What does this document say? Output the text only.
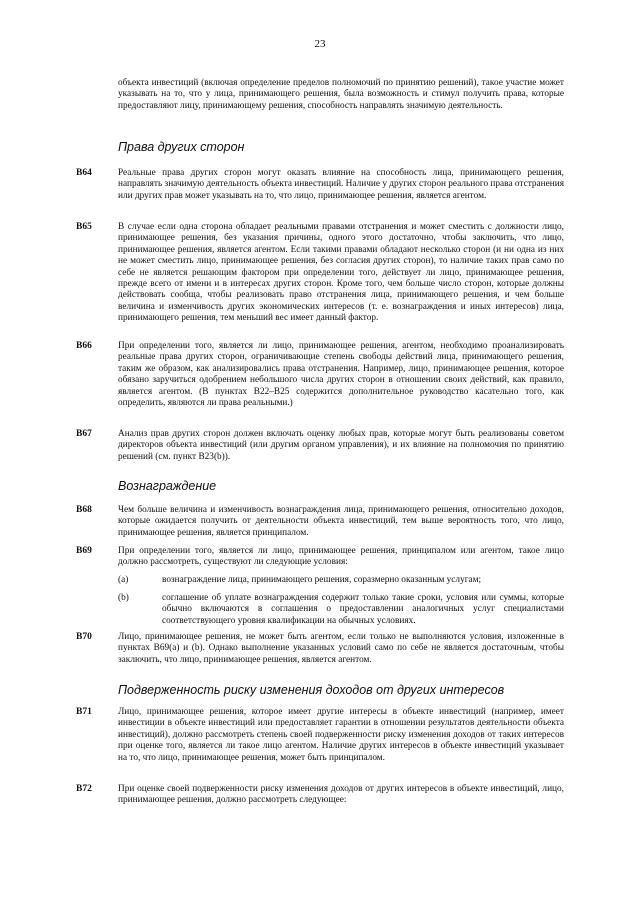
23
объекта инвестиций (включая определение пределов полномочий по принятию решений), такое участие может указывать на то, что у лица, принимающего решения, была возможность и стимул получить права, которые предоставляют лицу, принимающему решения, способность направлять значимую деятельность.
Права других сторон
B64	Реальные права других сторон могут оказать влияние на способность лица, принимающего решения, направлять значимую деятельность объекта инвестиций. Наличие у других сторон реального права отстранения или других прав может указывать на то, что лицо, принимающее решения, является агентом.
B65	В случае если одна сторона обладает реальными правами отстранения и может сместить с должности лицо, принимающее решения, без указания причины, одного этого достаточно, чтобы заключить, что лицо, принимающее решения, является агентом. Если такими правами обладают несколько сторон (и ни одна из них не может сместить лицо, принимающее решения, без согласия других сторон), то наличие таких прав само по себе не является решающим фактором при определении того, действует ли лицо, принимающее решения, прежде всего от имени и в интересах других сторон. Кроме того, чем больше число сторон, которые должны действовать сообща, чтобы реализовать право отстранения лица, принимающего решения, и чем больше величина и изменчивость других экономических интересов (т. е. вознаграждения и иных интересов) лица, принимающего решения, тем меньший вес имеет данный фактор.
B66	При определении того, является ли лицо, принимающее решения, агентом, необходимо проанализировать реальные права других сторон, ограничивающие степень свободы действий лица, принимающего решения, таким же образом, как анализировались права отстранения. Например, лицо, принимающее решения, которое обязано заручиться одобрением небольшого числа других сторон в отношении своих действий, как правило, является агентом. (В пунктах B22–B25 содержится дополнительное руководство касательно того, как определить, являются ли права реальными.)
B67	Анализ прав других сторон должен включать оценку любых прав, которые могут быть реализованы советом директоров объекта инвестиций (или другим органом управления), и их влияние на полномочия по принятию решений (см. пункт B23(b)).
Вознаграждение
B68	Чем больше величина и изменчивость вознаграждения лица, принимающего решения, относительно доходов, которые ожидается получить от деятельности объекта инвестиций, тем выше вероятность того, что лицо, принимающее решения, является принципалом.
B69	При определении того, является ли лицо, принимающее решения, принципалом или агентом, такое лицо должно рассмотреть, существуют ли следующие условия:
(a)	вознаграждение лица, принимающего решения, соразмерно оказанным услугам;
(b)	соглашение об уплате вознаграждения содержит только такие сроки, условия или суммы, которые обычно включаются в соглашения о предоставлении аналогичных услуг специалистами соответствующего уровня квалификации на обычных условиях.
B70	Лицо, принимающее решения, не может быть агентом, если только не выполняются условия, изложенные в пунктах B69(a) и (b). Однако выполнение указанных условий само по себе не является достаточным, чтобы заключить, что лицо, принимающее решения, является агентом.
Подверженность риску изменения доходов от других интересов
B71	Лицо, принимающее решения, которое имеет другие интересы в объекте инвестиций (например, имеет инвестиции в объекте инвестиций или предоставляет гарантии в отношении результатов деятельности объекта инвестиций), должно рассмотреть степень своей подверженности риску изменения доходов от таких интересов при оценке того, является ли такое лицо агентом. Наличие других интересов в объекте инвестиций указывает на то, что лицо, принимающее решения, может быть принципалом.
B72	При оценке своей подверженности риску изменения доходов от других интересов в объекте инвестиций, лицо, принимающее решения, должно рассмотреть следующее:
